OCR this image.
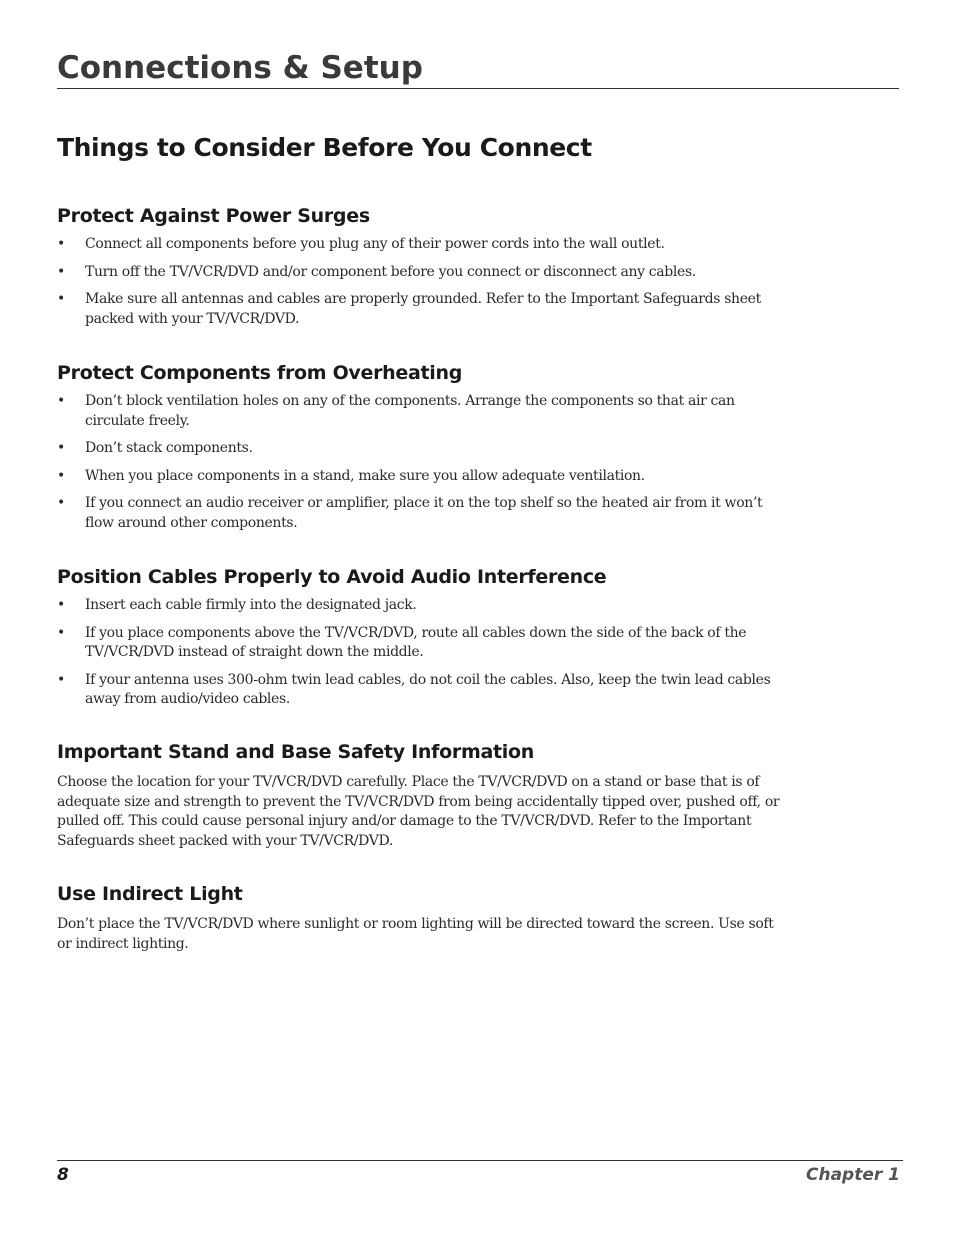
Connections & Setup
Things to Consider Before You Connect
Protect Against Power Surges
• Connect all components before you plug any of their power cords into the wall outlet.
• Turn off the TV/VCR/DVD and/or component before you connect or disconnect any cables.
• Make sure all antennas and cables are properly grounded. Refer to the Important Safeguards sheet packed with your TV/VCR/DVD.
Protect Components from Overheating
• Don’t block ventilation holes on any of the components. Arrange the components so that air can circulate freely.
• Don’t stack components.
• When you place components in a stand, make sure you allow adequate ventilation.
• If you connect an audio receiver or amplifier, place it on the top shelf so the heated air from it won’t flow around other components.
Position Cables Properly to Avoid Audio Interference
• Insert each cable firmly into the designated jack.
• If you place components above the TV/VCR/DVD, route all cables down the side of the back of the TV/VCR/DVD instead of straight down the middle.
• If your antenna uses 300-ohm twin lead cables, do not coil the cables. Also, keep the twin lead cables away from audio/video cables.
Important Stand and Base Safety Information

Choose the location for your TV/VCR/DVD carefully. Place the TV/VCR/DVD on a stand or base that is of adequate size and strength to prevent the TV/VCR/DVD from being accidentally tipped over, pushed off, or pulled off. This could cause personal injury and/or damage to the TV/VCR/DVD. Refer to the Important Safeguards sheet packed with your TV/VCR/DVD.

Use Indirect Light

Don’t place the TV/VCR/DVD where sunlight or room lighting will be directed toward the screen. Use soft or indirect lighting.

8	Chapter 1
